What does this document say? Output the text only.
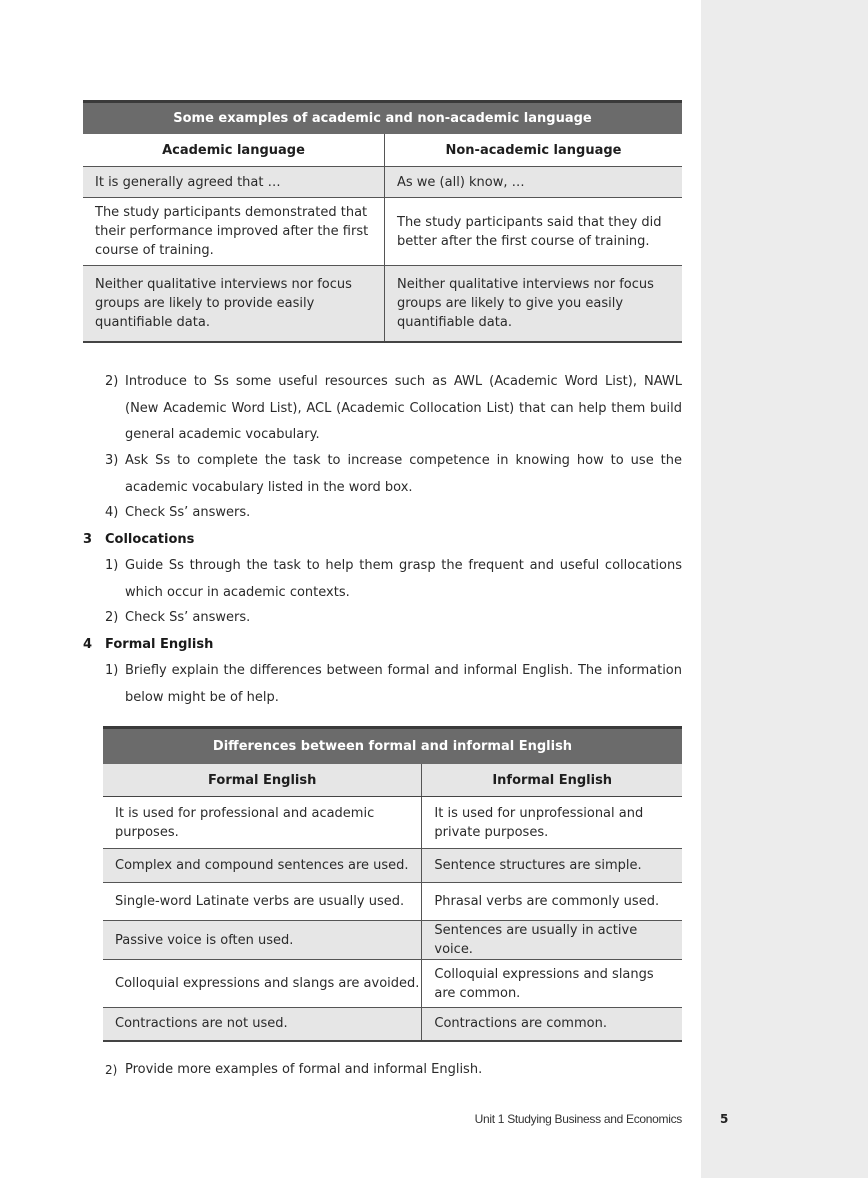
Some examples of academic and non-academic language	
Academic language	Non-academic language
It is generally agreed that …	As we (all) know, …
The study participants demonstrated that their performance improved after the first course of training.	The study participants said that they did better after the first course of training.
Neither qualitative interviews nor focus groups are likely to provide easily quantifiable data.	Neither qualitative interviews nor focus groups are likely to give you easily quantifiable data.
2) Introduce to Ss some useful resources such as AWL (Academic Word List), NAWL (New Academic Word List), ACL (Academic Collocation List) that can help them build general academic vocabulary.
3) Ask Ss to complete the task to increase competence in knowing how to use the academic vocabulary listed in the word box.
4) Check Ss’ answers.
3 Collocations
1) Guide Ss through the task to help them grasp the frequent and useful collocations which occur in academic contexts.
2) Check Ss’ answers.
4 Formal English
1) Briefly explain the differences between formal and informal English. The information below might be of help.
Differences between formal and informal English	
Formal English	Informal English
It is used for professional and academic purposes.	It is used for unprofessional and private purposes.
Complex and compound sentences are used.	Sentence structures are simple.
Single-word Latinate verbs are usually used.	Phrasal verbs are commonly used.
Passive voice is often used.	Sentences are usually in active voice.
Colloquial expressions and slangs are avoided.	Colloquial expressions and slangs are common.
Contractions are not used.	Contractions are common.
2) Provide more examples of formal and informal English.
Unit 1 Studying Business and Economics	5
